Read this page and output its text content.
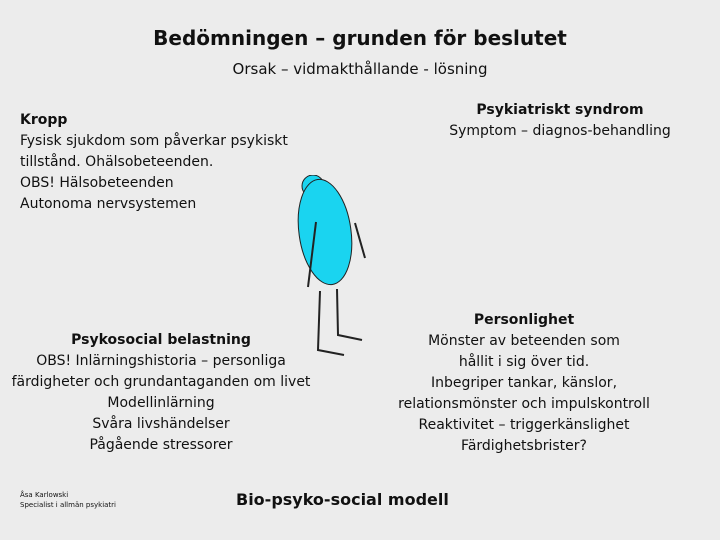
Bedömningen – grunden för beslutet
Orsak – vidmakthållande - lösning
Kropp
Fysisk sjukdom som påverkar psykiskt
tillstånd. Ohälsobeteenden.
OBS! Hälsobeteenden
Autonoma nervsystemen
Psykiatriskt syndrom
Symptom – diagnos-behandling
Psykosocial belastning
OBS! Inlärningshistoria – personliga
färdigheter och grundantaganden om livet
Modellinlärning
Svåra livshändelser
Pågående stressorer
Personlighet
Mönster av beteenden som
hållit i sig över tid.
Inbegriper tankar, känslor,
relationsmönster och impulskontroll
Reaktivitet – triggerkänslighet
Färdighetsbrister?
Åsa Karlowski
Specialist i allmän psykiatri	Bio-psyko-social modell
